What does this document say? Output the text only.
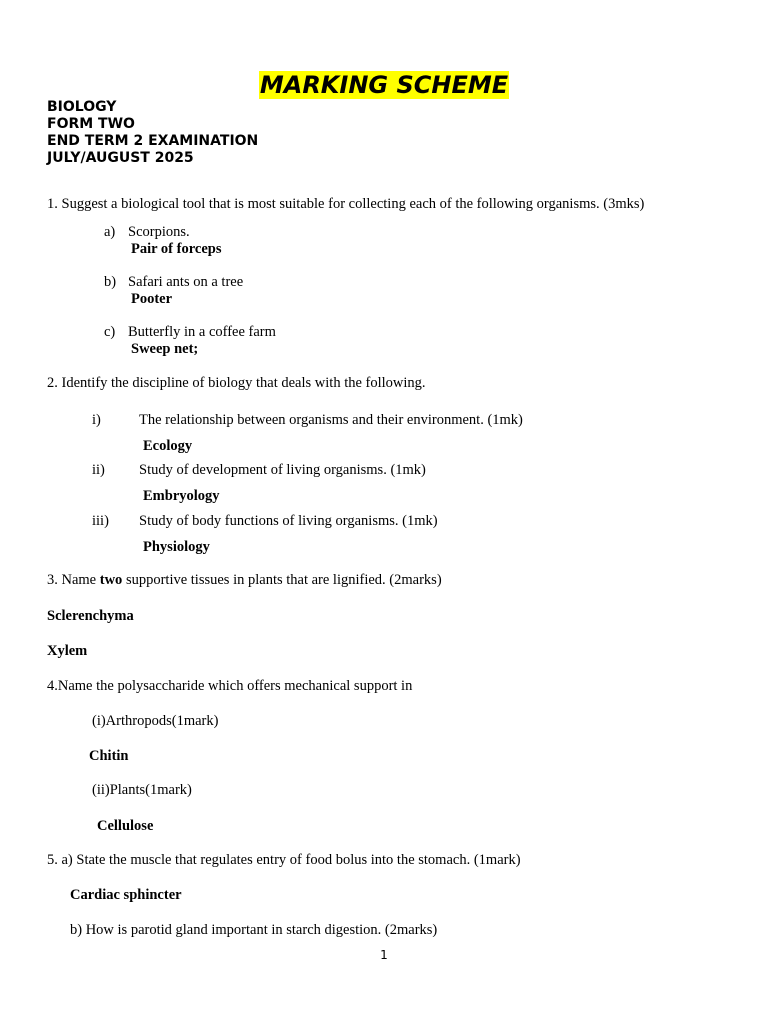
MARKING SCHEME
BIOLOGY
FORM TWO
END TERM 2 EXAMINATION
JULY/AUGUST 2025
1. Suggest a biological tool that is most suitable for collecting each of the following organisms. (3mks)
a) Scorpions.
Pair of forceps
b) Safari ants on a tree
Pooter
c) Butterfly in a coffee farm
Sweep net;
2. Identify the discipline of biology that deals with the following.
i)	The relationship between organisms and their environment. (1mk)
Ecology
ii) Study of development of living organisms. (1mk)
Embryology
iii) Study of body functions of living organisms. (1mk)
Physiology
3. Name two supportive tissues in plants that are lignified. (2marks)
Sclerenchyma
Xylem
4.Name the polysaccharide which offers mechanical support in
(i)Arthropods(1mark)
Chitin
(ii)Plants(1mark)
Cellulose
5. a) State the muscle that regulates entry of food bolus into the stomach. (1mark)
Cardiac sphincter
b) How is parotid gland important in starch digestion. (2marks)
1
